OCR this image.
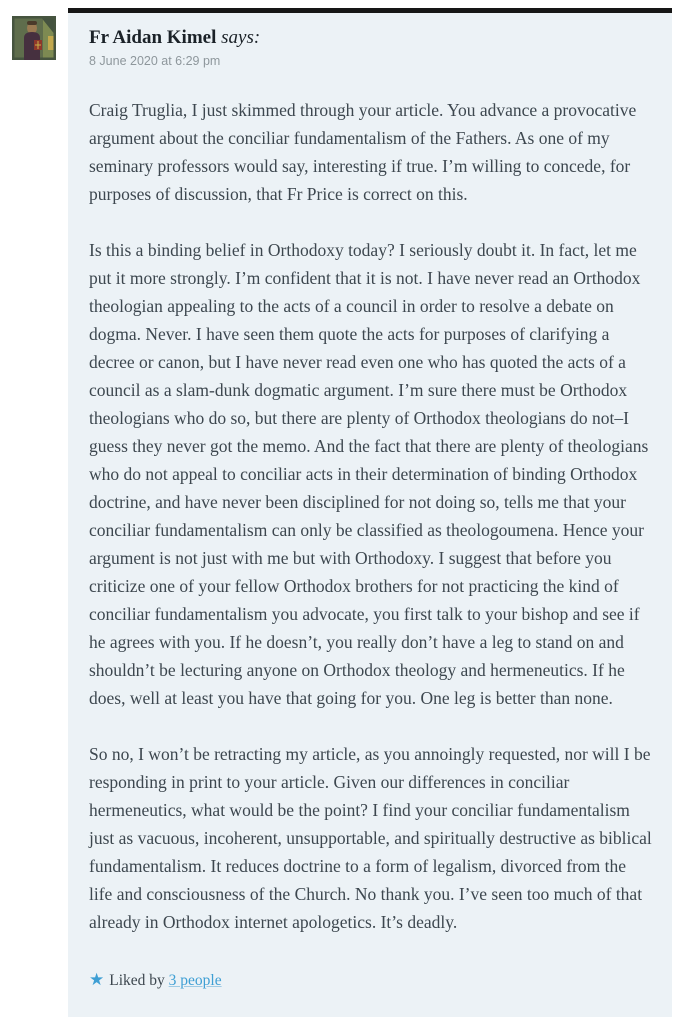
Fr Aidan Kimel says:

8 June 2020 at 6:29 pm

Craig Truglia, I just skimmed through your article. You advance a provocative argument about the conciliar fundamentalism of the Fathers. As one of my seminary professors would say, interesting if true. I’m willing to concede, for purposes of discussion, that Fr Price is correct on this.

Is this a binding belief in Orthodoxy today? I seriously doubt it. In fact, let me put it more strongly. I’m confident that it is not. I have never read an Orthodox theologian appealing to the acts of a council in order to resolve a debate on dogma. Never. I have seen them quote the acts for purposes of clarifying a decree or canon, but I have never read even one who has quoted the acts of a council as a slam-dunk dogmatic argument. I’m sure there must be Orthodox theologians who do so, but there are plenty of Orthodox theologians do not–I guess they never got the memo. And the fact that there are plenty of theologians who do not appeal to conciliar acts in their determination of binding Orthodox doctrine, and have never been disciplined for not doing so, tells me that your conciliar fundamentalism can only be classified as theologoumena. Hence your argument is not just with me but with Orthodoxy. I suggest that before you criticize one of your fellow Orthodox brothers for not practicing the kind of conciliar fundamentalism you advocate, you first talk to your bishop and see if he agrees with you. If he doesn’t, you really don’t have a leg to stand on and shouldn’t be lecturing anyone on Orthodox theology and hermeneutics. If he does, well at least you have that going for you. One leg is better than none.

So no, I won’t be retracting my article, as you annoingly requested, nor will I be responding in print to your article. Given our differences in conciliar hermeneutics, what would be the point? I find your conciliar fundamentalism just as vacuous, incoherent, unsupportable, and spiritually destructive as biblical fundamentalism. It reduces doctrine to a form of legalism, divorced from the life and consciousness of the Church. No thank you. I’ve seen too much of that already in Orthodox internet apologetics. It’s deadly.

★ Liked by 3 people
